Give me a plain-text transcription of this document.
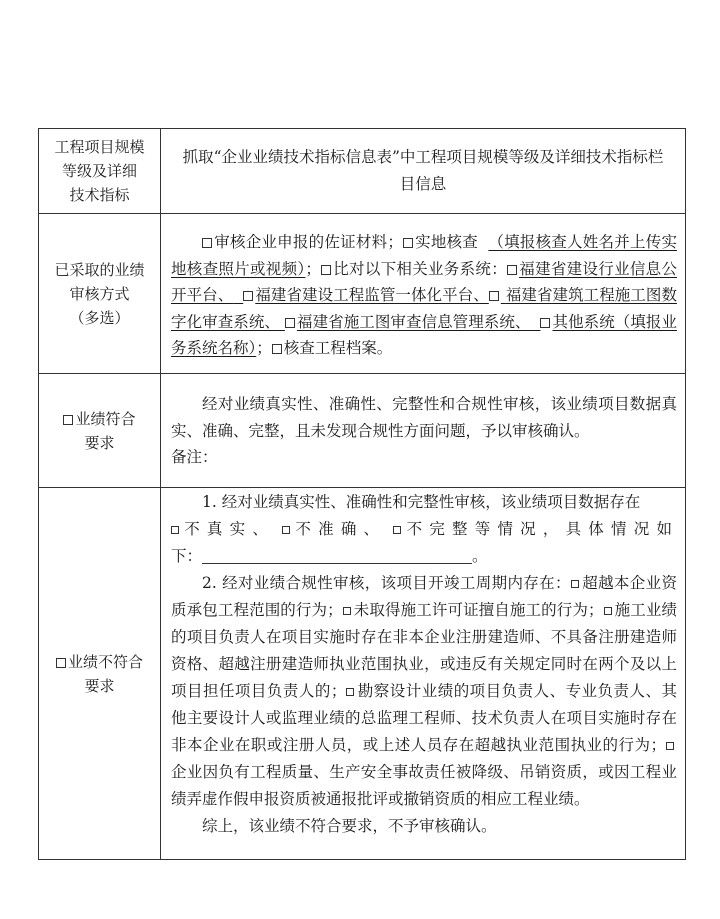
工程项目规模
等级及详细
技术指标
抓取“企业业绩技术指标信息表”中工程项目规模等级及详细技术指标栏目信息
已采取的业绩
审核方式
（多选）
审核企业申报的佐证材料； 实地核查 （填报核查人姓名并上传实地核查照片或视频）； 比对以下相关业务系统： 福建省建设行业信息公开平台、 福建省建设工程监管一体化平台、 福建省建筑工程施工图数字化审查系统、 福建省施工图审查信息管理系统、 其他系统（填报业务系统名称）； 核查工程档案。
业绩符合
要求
经对业绩真实性、准确性、完整性和合规性审核，该业绩项目数据真实、准确、完整，且未发现合规性方面问题，予以审核确认。
备注：
业绩不符合
要求
1. 经对业绩真实性、准确性和完整性审核，该业绩项目数据存在
不真实、 不准确、 不完整等情况，具体情况如
下：	。
2. 经对业绩合规性审核，该项目开竣工周期内存在： 超越本企业资质承包工程范围的行为； 未取得施工许可证擅自施工的行为； 施工业绩的项目负责人在项目实施时存在非本企业注册建造师、不具备注册建造师资格、超越注册建造师执业范围执业，或违反有关规定同时在两个及以上项目担任项目负责人的； 勘察设计业绩的项目负责人、专业负责人、其他主要设计人或监理业绩的总监理工程师、技术负责人在项目实施时存在非本企业在职或注册人员，或上述人员存在超越执业范围执业的行为；企业因负有工程质量、生产安全事故责任被降级、吊销资质，或因工程业绩弄虚作假申报资质被通报批评或撤销资质的相应工程业绩。
综上，该业绩不符合要求，不予审核确认。
